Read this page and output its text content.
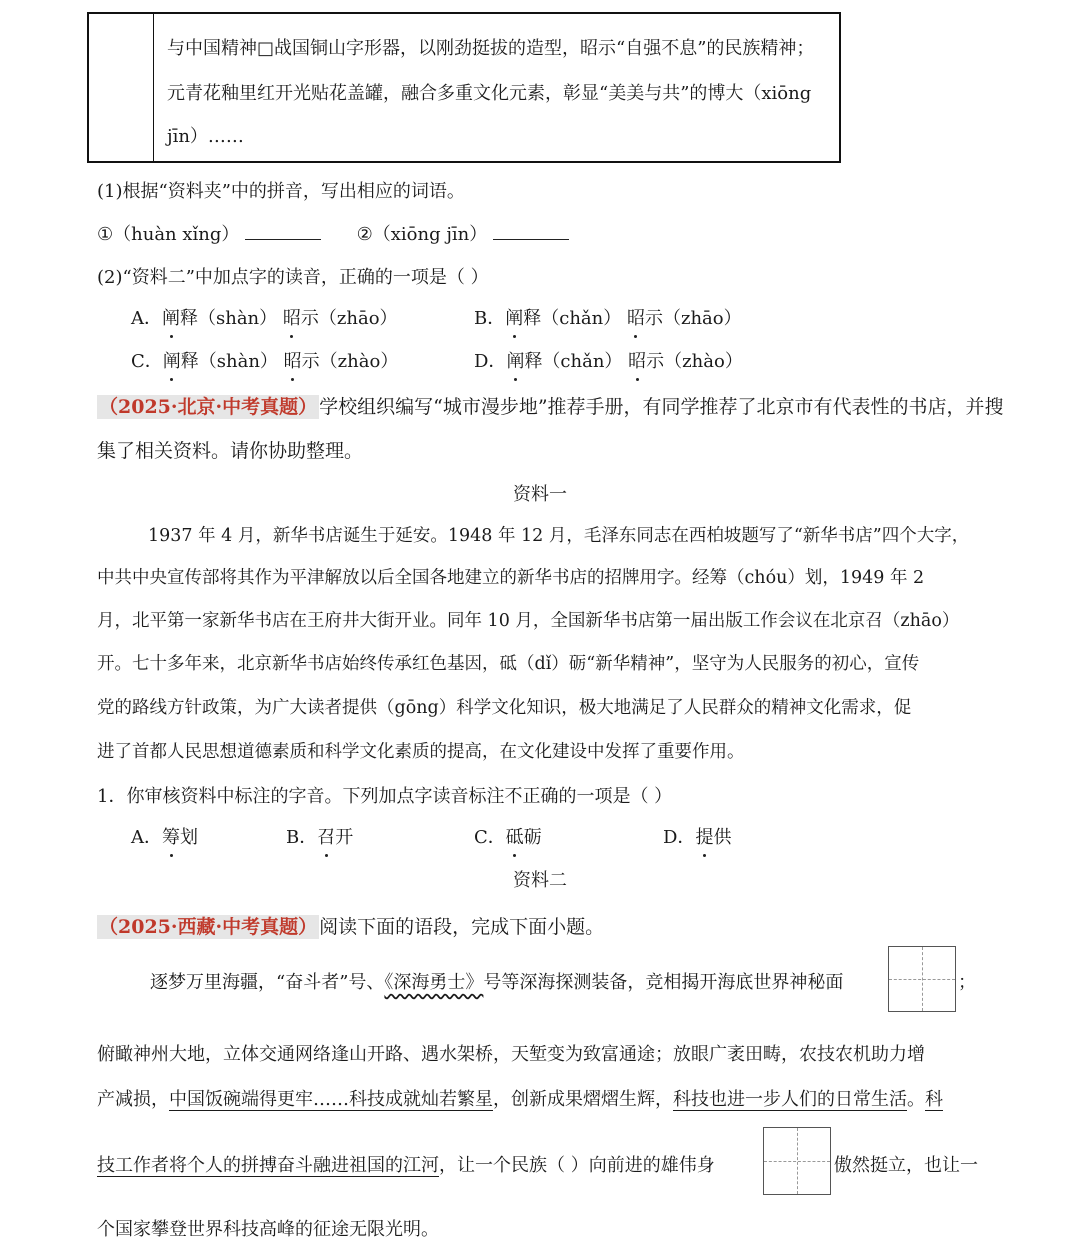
与中国精神□战国铜山字形器，以刚劲挺拔的造型，昭示“自强不息”的民族精神；
元青花釉里红开光贴花盖罐，融合多重文化元素，彰显“美美与共”的博大（xiōng
jīn）……
(1)根据“资料夹”中的拼音，写出相应的词语。
①（huàn xǐng）	②（xiōng jīn）
(2)“资料二”中加点字的读音，正确的一项是（ ）
A．阐释（shàn） 昭示（zhāo）	B．阐释（chǎn） 昭示（zhāo）
C．阐释（shàn） 昭示（zhào）	D．阐释（chǎn） 昭示（zhào）
（2025·北京·中考真题） 学校组织编写“城市漫步地”推荐手册，有同学推荐了北京市有代表性的书店，并搜
集了相关资料。请你协助整理。
资料一
1937 年 4 月，新华书店诞生于延安。1948 年 12 月，毛泽东同志在西柏坡题写了“新华书店”四个大字，
中共中央宣传部将其作为平津解放以后全国各地建立的新华书店的招牌用字。经筹（chóu）划，1949 年 2
月，北平第一家新华书店在王府井大街开业。同年 10 月，全国新华书店第一届出版工作会议在北京召（zhāo）
开。七十多年来，北京新华书店始终传承红色基因，砥（dǐ）砺“新华精神”，坚守为人民服务的初心，宣传
党的路线方针政策，为广大读者提供（gōng）科学文化知识，极大地满足了人民群众的精神文化需求，促
进了首都人民思想道德素质和科学文化素质的提高，在文化建设中发挥了重要作用。
1．你审核资料中标注的字音。下列加点字读音标注不正确的一项是（ ）
A．筹划	B．召开	C．砥砺	D．提供
资料二
（2025·西藏·中考真题） 阅读下面的语段，完成下面小题。
逐梦万里海疆，“奋斗者”号、《深海勇士》号等深海探测装备，竞相揭开海底世界神秘面	；
俯瞰神州大地，立体交通网络逢山开路、遇水架桥，天堑变为致富通途；放眼广袤田畴，农技农机助力增
产减损，中国饭碗端得更牢……科技成就灿若繁星，创新成果熠熠生辉，科技也进一步人们的日常生活。科
技工作者将个人的拼搏奋斗融进祖国的江河，让一个民族（ ）向前进的雄伟身	傲然挺立，也让一
个国家攀登世界科技高峰的征途无限光明。
